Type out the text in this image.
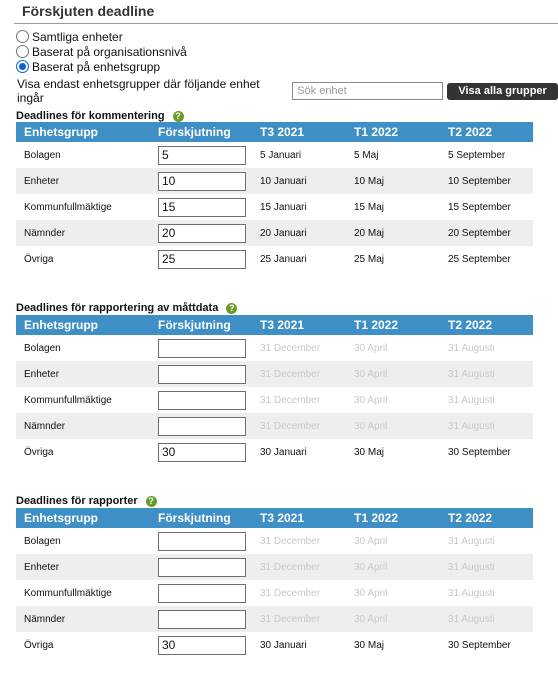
Förskjuten deadline
Samtliga enheter
Baserat på organisationsnivå
Baserat på enhetsgrupp
Visa endast enhetsgrupper där följande enhet ingår
Sök enhet	Visa alla grupper
Deadlines för kommentering	?
Enhetsgrupp	Förskjutning	T3 2021	T1 2022	T2 2022
Bolagen	5	5 Januari	5 Maj	5 September
Enheter	10	10 Januari	10 Maj	10 September
Kommunfullmäktige	15	15 Januari	15 Maj	15 September
Nämnder	20	20 Januari	20 Maj	20 September
Övriga	25	25 Januari	25 Maj	25 September
Deadlines för rapportering av måttdata	?
Enhetsgrupp	Förskjutning	T3 2021	T1 2022	T2 2022
Bolagen		31 December	30 April	31 Augusti
Enheter		31 December	30 April	31 Augusti
Kommunfullmäktige		31 December	30 April	31 Augusti
Nämnder		31 December	30 April	31 Augusti
Övriga	30	30 Januari	30 Maj	30 September
Deadlines för rapporter	?
Enhetsgrupp	Förskjutning	T3 2021	T1 2022	T2 2022
Bolagen		31 December	30 April	31 Augusti
Enheter		31 December	30 April	31 Augusti
Kommunfullmäktige		31 December	30 April	31 Augusti
Nämnder		31 December	30 April	31 Augusti
Övriga	30	30 Januari	30 Maj	30 September
